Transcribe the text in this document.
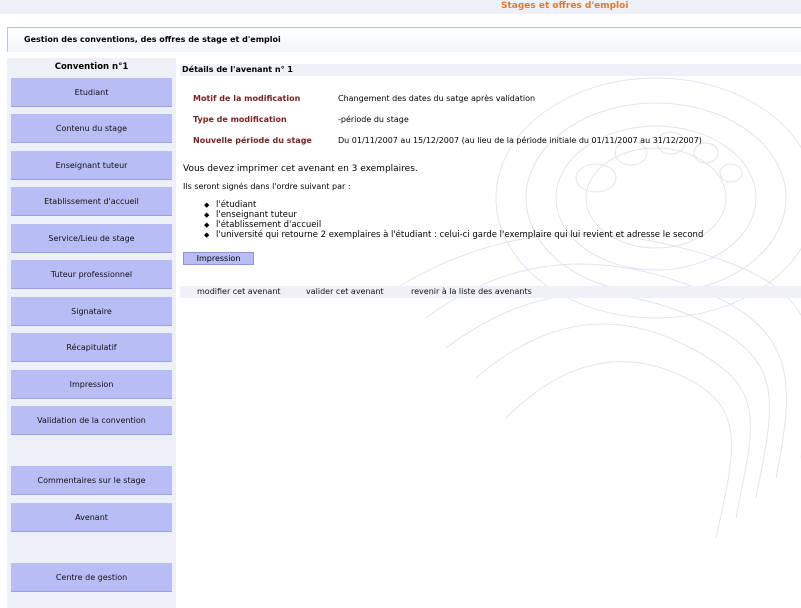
Stages et offres d'emploi
Gestion des conventions, des offres de stage et d'emploi
Convention n°1
Etudiant
Contenu du stage
Enseignant tuteur
Etablissement d'accueil
Service/Lieu de stage
Tuteur professionnel
Signataire
Récapitulatif
Impression
Validation de la convention
Commentaires sur le stage
Avenant
Centre de gestion
Détails de l'avenant n° 1
Motif de la modification	Changement des dates du satge après validation
Type de modification	-période du stage
Nouvelle période du stage	Du 01/11/2007 au 15/12/2007 (au lieu de la période initiale du 01/11/2007 au 31/12/2007)
Vous devez imprimer cet avenant en 3 exemplaires.
Ils seront signés dans l'ordre suivant par :
◆ l'étudiant
◆ l'enseignant tuteur
◆ l'établissement d'accueil
◆ l'université qui retourne 2 exemplaires à l'étudiant : celui-ci garde l'exemplaire qui lui revient et adresse le second
Impression
modifier cet avenant	valider cet avenant	revenir à la liste des avenants
